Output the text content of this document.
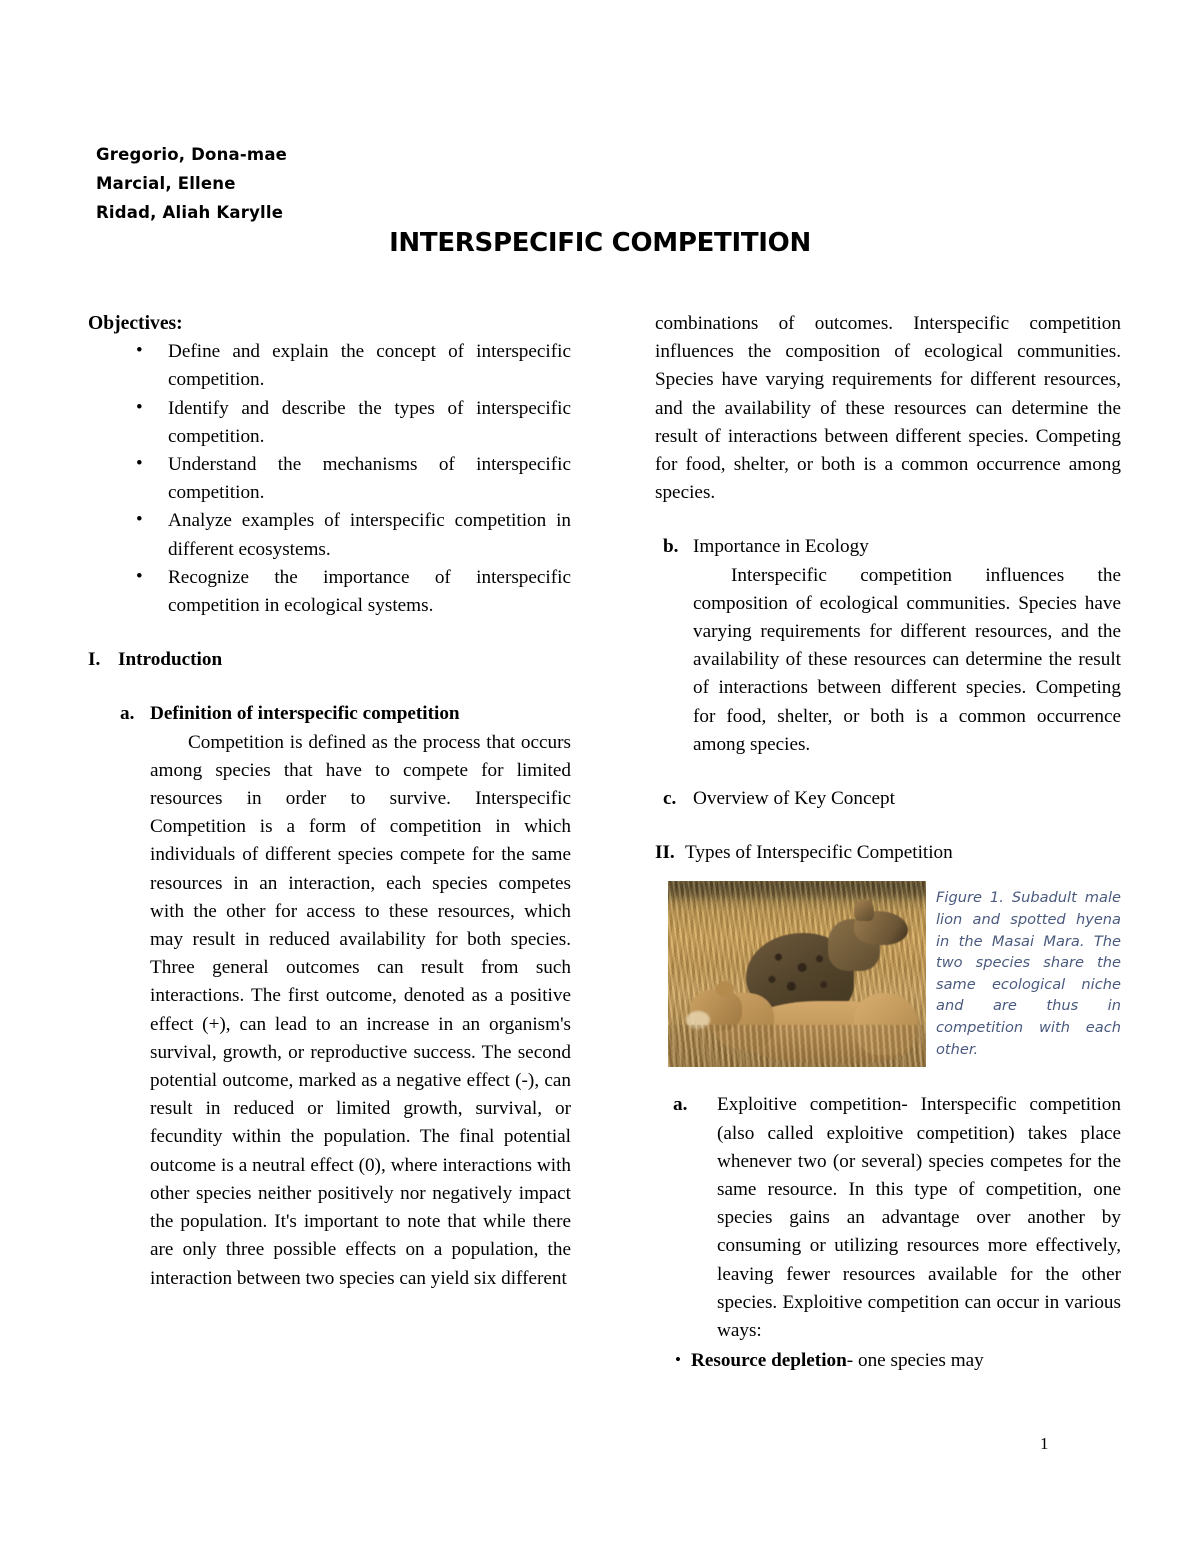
Gregorio, Dona-mae
Marcial, Ellene
Ridad, Aliah Karylle
INTERSPECIFIC COMPETITION
Objectives:
• Define and explain the concept of interspecific competition.
• Identify and describe the types of interspecific competition.
• Understand the mechanisms of interspecific competition.
• Analyze examples of interspecific competition in different ecosystems.
• Recognize the importance of interspecific competition in ecological systems.
I. Introduction
a. Definition of interspecific competition

Competition is defined as the process that occurs among species that have to compete for limited resources in order to survive. Interspecific Competition is a form of competition in which individuals of different species compete for the same resources in an interaction, each species competes with the other for access to these resources, which may result in reduced availability for both species. Three general outcomes can result from such interactions. The first outcome, denoted as a positive effect (+), can lead to an increase in an organism's survival, growth, or reproductive success. The second potential outcome, marked as a negative effect (-), can result in reduced or limited growth, survival, or fecundity within the population. The final potential outcome is a neutral effect (0), where interactions with other species neither positively nor negatively impact the population. It's important to note that while there are only three possible effects on a population, the interaction between two species can yield six different

combinations of outcomes. Interspecific competition influences the composition of ecological communities. Species have varying requirements for different resources, and the availability of these resources can determine the result of interactions between different species. Competing for food, shelter, or both is a common occurrence among species.

b. Importance in Ecology

Interspecific competition influences the composition of ecological communities. Species have varying requirements for different resources, and the availability of these resources can determine the result of interactions between different species. Competing for food, shelter, or both is a common occurrence among species.

c. Overview of Key Concept
II. Types of Interspecific Competition
Figure 1. Subadult male lion and spotted hyena in the Masai Mara. The two species share the same ecological niche and are thus in competition with each other.
a. Exploitive competition- Interspecific competition (also called exploitive competition) takes place whenever two (or several) species competes for the same resource. In this type of competition, one species gains an advantage over another by consuming or utilizing resources more effectively, leaving fewer resources available for the other species. Exploitive competition can occur in various ways:
• Resource depletion- one species may
1
